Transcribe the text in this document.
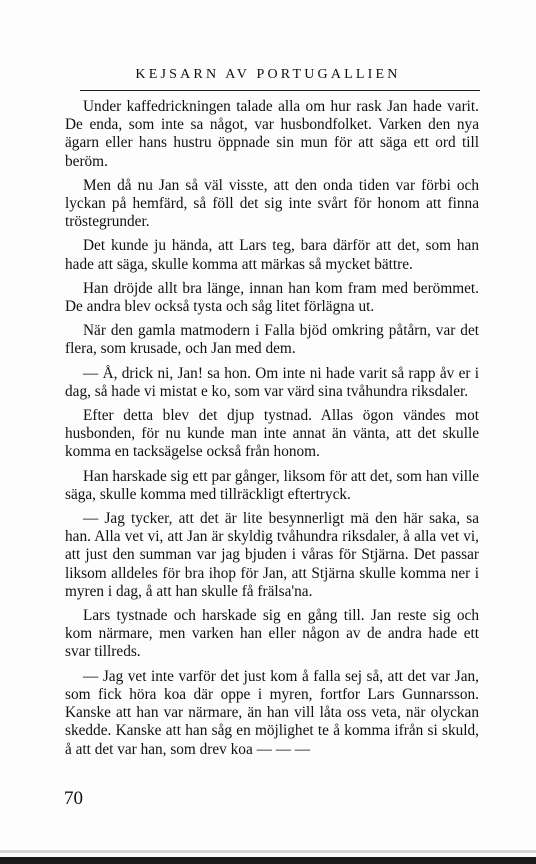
KEJSARN AV PORTUGALLIEN

Under kaffedrickningen talade alla om hur rask Jan hade varit. De enda, som inte sa något, var husbondfolket. Varken den nya ägarn eller hans hustru öppnade sin mun för att säga ett ord till beröm.

Men då nu Jan så väl visste, att den onda tiden var förbi och lyckan på hemfärd, så föll det sig inte svårt för honom att finna tröstegrunder.

Det kunde ju hända, att Lars teg, bara därför att det, som han hade att säga, skulle komma att märkas så mycket bättre.

Han dröjde allt bra länge, innan han kom fram med berömmet. De andra blev också tysta och såg litet förlägna ut.

När den gamla matmodern i Falla bjöd omkring påtårn, var det flera, som krusade, och Jan med dem.

— Å, drick ni, Jan! sa hon. Om inte ni hade varit så rapp åv er i dag, så hade vi mistat e ko, som var värd sina tvåhundra riksdaler.

Efter detta blev det djup tystnad. Allas ögon vändes mot husbonden, för nu kunde man inte annat än vänta, att det skulle komma en tacksägelse också från honom.

Han harskade sig ett par gånger, liksom för att det, som han ville säga, skulle komma med tillräckligt eftertryck.

— Jag tycker, att det är lite besynnerligt mä den här saka, sa han. Alla vet vi, att Jan är skyldig tvåhundra riksdaler, å alla vet vi, att just den summan var jag bjuden i våras för Stjärna. Det passar liksom alldeles för bra ihop för Jan, att Stjärna skulle komma ner i myren i dag, å att han skulle få frälsa'na.

Lars tystnade och harskade sig en gång till. Jan reste sig och kom närmare, men varken han eller någon av de andra hade ett svar tillreds.

— Jag vet inte varför det just kom å falla sej så, att det var Jan, som fick höra koa där oppe i myren, fortfor Lars Gunnarsson. Kanske att han var närmare, än han vill låta oss veta, när olyckan skedde. Kanske att han såg en möjlighet te å komma ifrån si skuld, å att det var han, som drev koa — — —

70
